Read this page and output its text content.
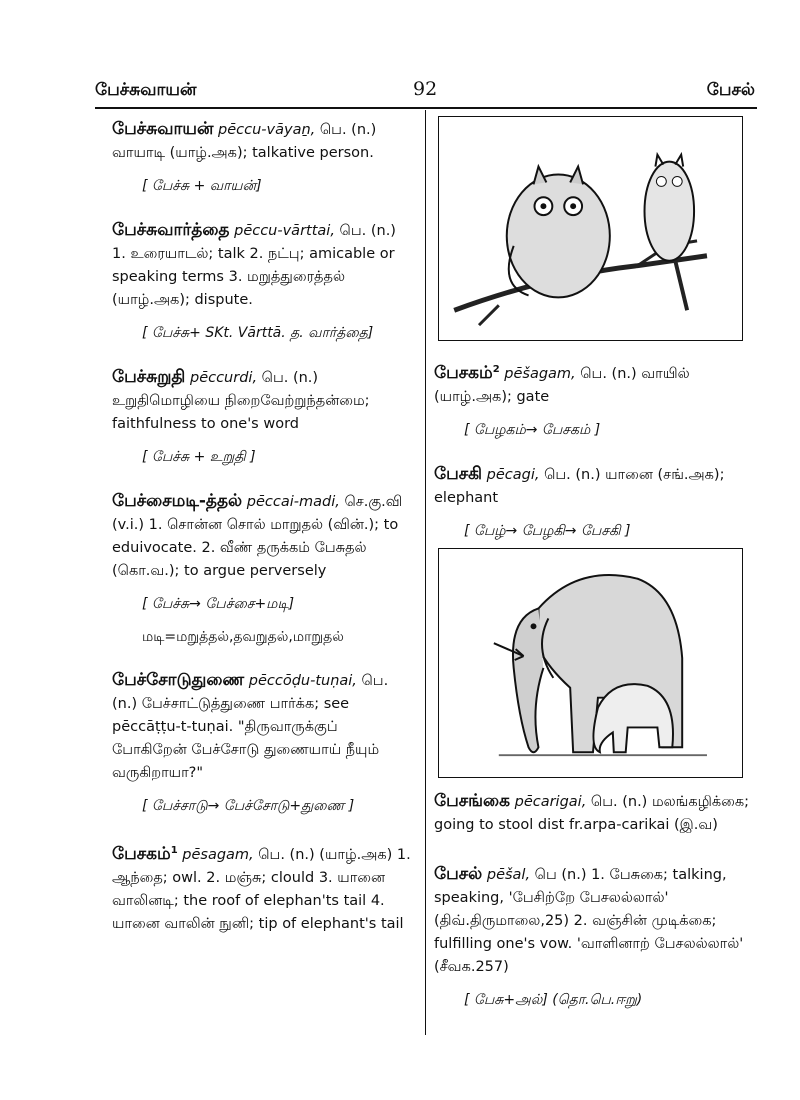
பேச்சுவாயன்	92	பேசல்

பேச்சுவாயன் pēccu-vāyaṉ, பெ. (n.) வாயாடி (யாழ்.அக); talkative person.

[ பேச்சு + வாயன்]

பேச்சுவார்த்தை pēccu-vārttai, பெ. (n.) 1. உரையாடல்; talk 2. நட்பு; amicable or speaking terms 3. மறுத்துரைத்தல் (யாழ்.அக); dispute.

[ பேச்சு+ SKt. Vārttā. த. வார்த்தை]

பேச்சுறுதி pēccurdi, பெ. (n.) உறுதிமொழியை நிறைவேற்றுந்தன்மை; faithfulness to one's word

[ பேச்சு + உறுதி ]

பேச்சைமடி-த்தல் pēccai-madi, செ.கு.வி (v.i.) 1. சொன்ன சொல் மாறுதல் (வின்.); to eduivocate. 2. வீண் தருக்கம் பேசுதல் (கொ.வ.); to argue perversely

[ பேச்சு→ பேச்சை+மடி]

மடி=மறுத்தல்,தவறுதல்,மாறுதல்

பேச்சோடுதுணை pēccōḍu-tuṇai, பெ. (n.) பேச்சாட்டுத்துணை பார்க்க; see pēccāṭṭu-t-tuṇai. "திருவாருக்குப் போகிறேன் பேச்சோடு துணையாய் நீயும் வருகிறாயா?"

[ பேச்சாடு→ பேச்சோடு+துணை ]

பேசகம்$^1$ pēsagam, பெ. (n.) (யாழ்.அக) 1. ஆந்தை; owl. 2. மஞ்சு; clould 3. யானை வாலினடி; the roof of elephan'ts tail 4. யானை வாலின் நுனி; tip of elephant's tail

பேசகம்$^2$ pēšagam, பெ. (n.) வாயில் (யாழ்.அக); gate

[ பேழகம்→ பேசகம் ]

பேசகி pēcagi, பெ. (n.) யானை (சங்.அக); elephant

[ பேழ்→ பேழகி→ பேசகி ]

பேசங்கை pēcarigai, பெ. (n.) மலங்கழிக்கை; going to stool dist fr.arpa-carikai (இ.வ)

பேசல் pēšal, பெ (n.) 1. பேசுகை; talking, speaking, 'பேசிற்றே பேசலல்லால்' (திவ்.திருமாலை,25) 2. வஞ்சின் முடிக்கை; fulfilling one's vow. 'வாளினாற் பேசலல்லால்' (சீவக.257)

[ பேசு+அல்] (தொ.பெ.ஈறு)
